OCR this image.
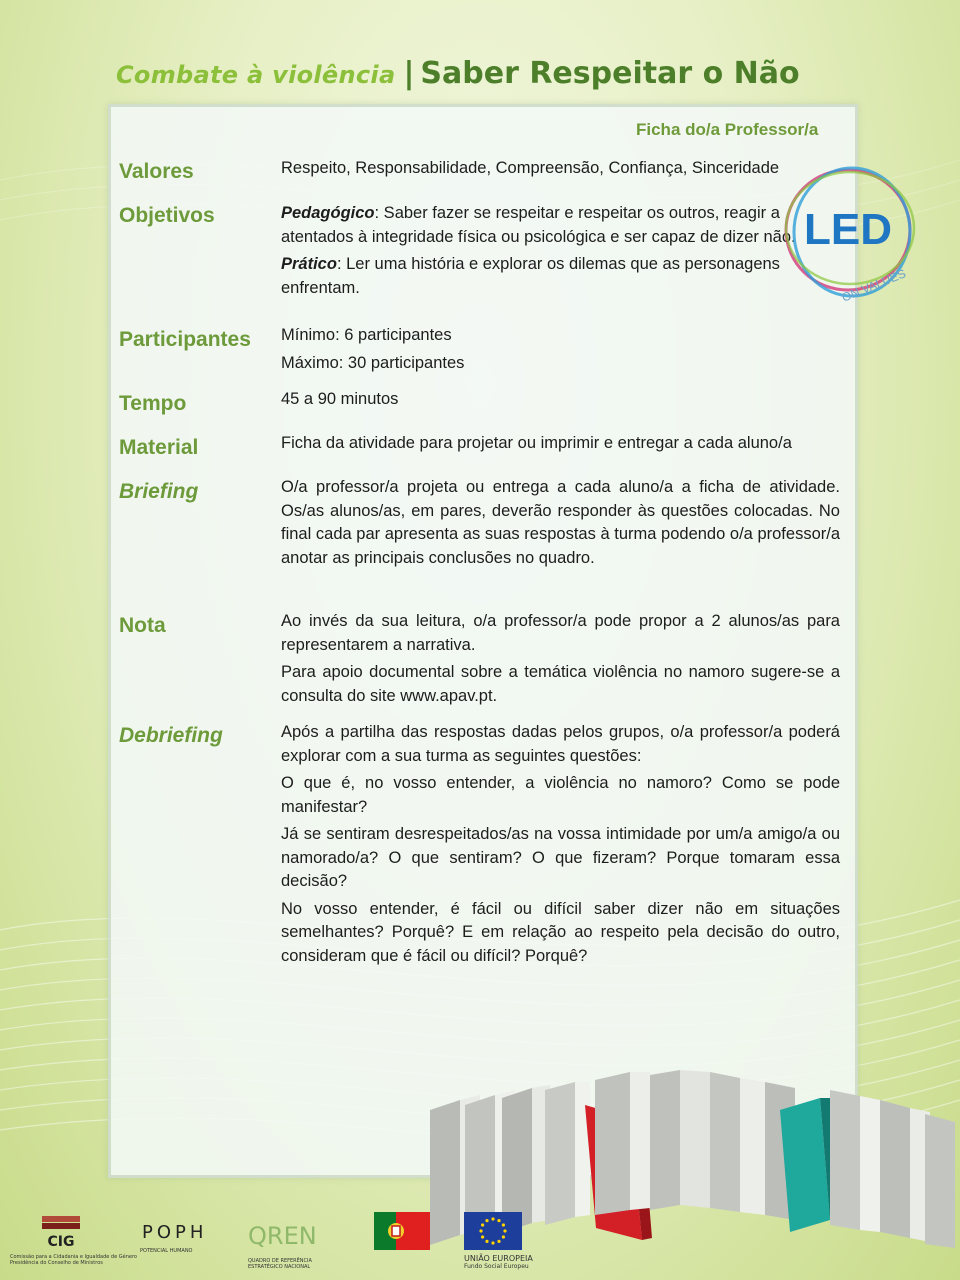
Combate à violência | Saber Respeitar o Não
Ficha do/a Professor/a
Valores	Respeito, Responsabilidade, Compreensão, Confiança, Sinceridade

Objetivos	Pedagógico: Saber fazer se respeitar e respeitar os outros, reagir a atentados à integridade física ou psicológica e ser capaz de dizer não.

Prático: Ler uma história e explorar os dilemas que as personagens enfrentam.

Participantes Mínimo: 6 participantes

Máximo: 30 participantes

Tempo	45 a 90 minutos

Material	Ficha da atividade para projetar ou imprimir e entregar a cada aluno/a

Briefing	O/a professor/a projeta ou entrega a cada aluno/a a ficha de atividade. Os/as alunos/as, em pares, deverão responder às questões colocadas. No final cada par apresenta as suas respostas à turma podendo o/a professor/a anotar as principais conclusões no quadro.

Nota	Ao invés da sua leitura, o/a professor/a pode propor a 2 alunos/as para representarem a narrativa.

Para apoio documental sobre a temática violência no namoro sugere-se a consulta do site www.apav.pt.

Debriefing	Após a partilha das respostas dadas pelos grupos, o/a professor/a poderá explorar com a sua turma as seguintes questões:

O que é, no vosso entender, a violência no namoro? Como se pode manifestar?

Já se sentiram desrespeitados/as na vossa intimidade por um/a amigo/a ou namorado/a? O que sentiram? O que fizeram? Porque tomaram essa decisão?

No vosso entender, é fácil ou difícil saber dizer não em situações semelhantes? Porquê? E em relação ao respeito pela decisão do outro, consideram que é fácil ou difícil? Porquê?

LED
ON VALUES
CIG
Comissão para a Cidadania e Igualdade de Género
Presidência do Conselho de Ministros
POPH
POTENCIAL HUMANO
QREN
QUADRO DE REFERÊNCIA ESTRATÉGICO NACIONAL
UNIÃO EUROPEIA
Fundo Social Europeu
